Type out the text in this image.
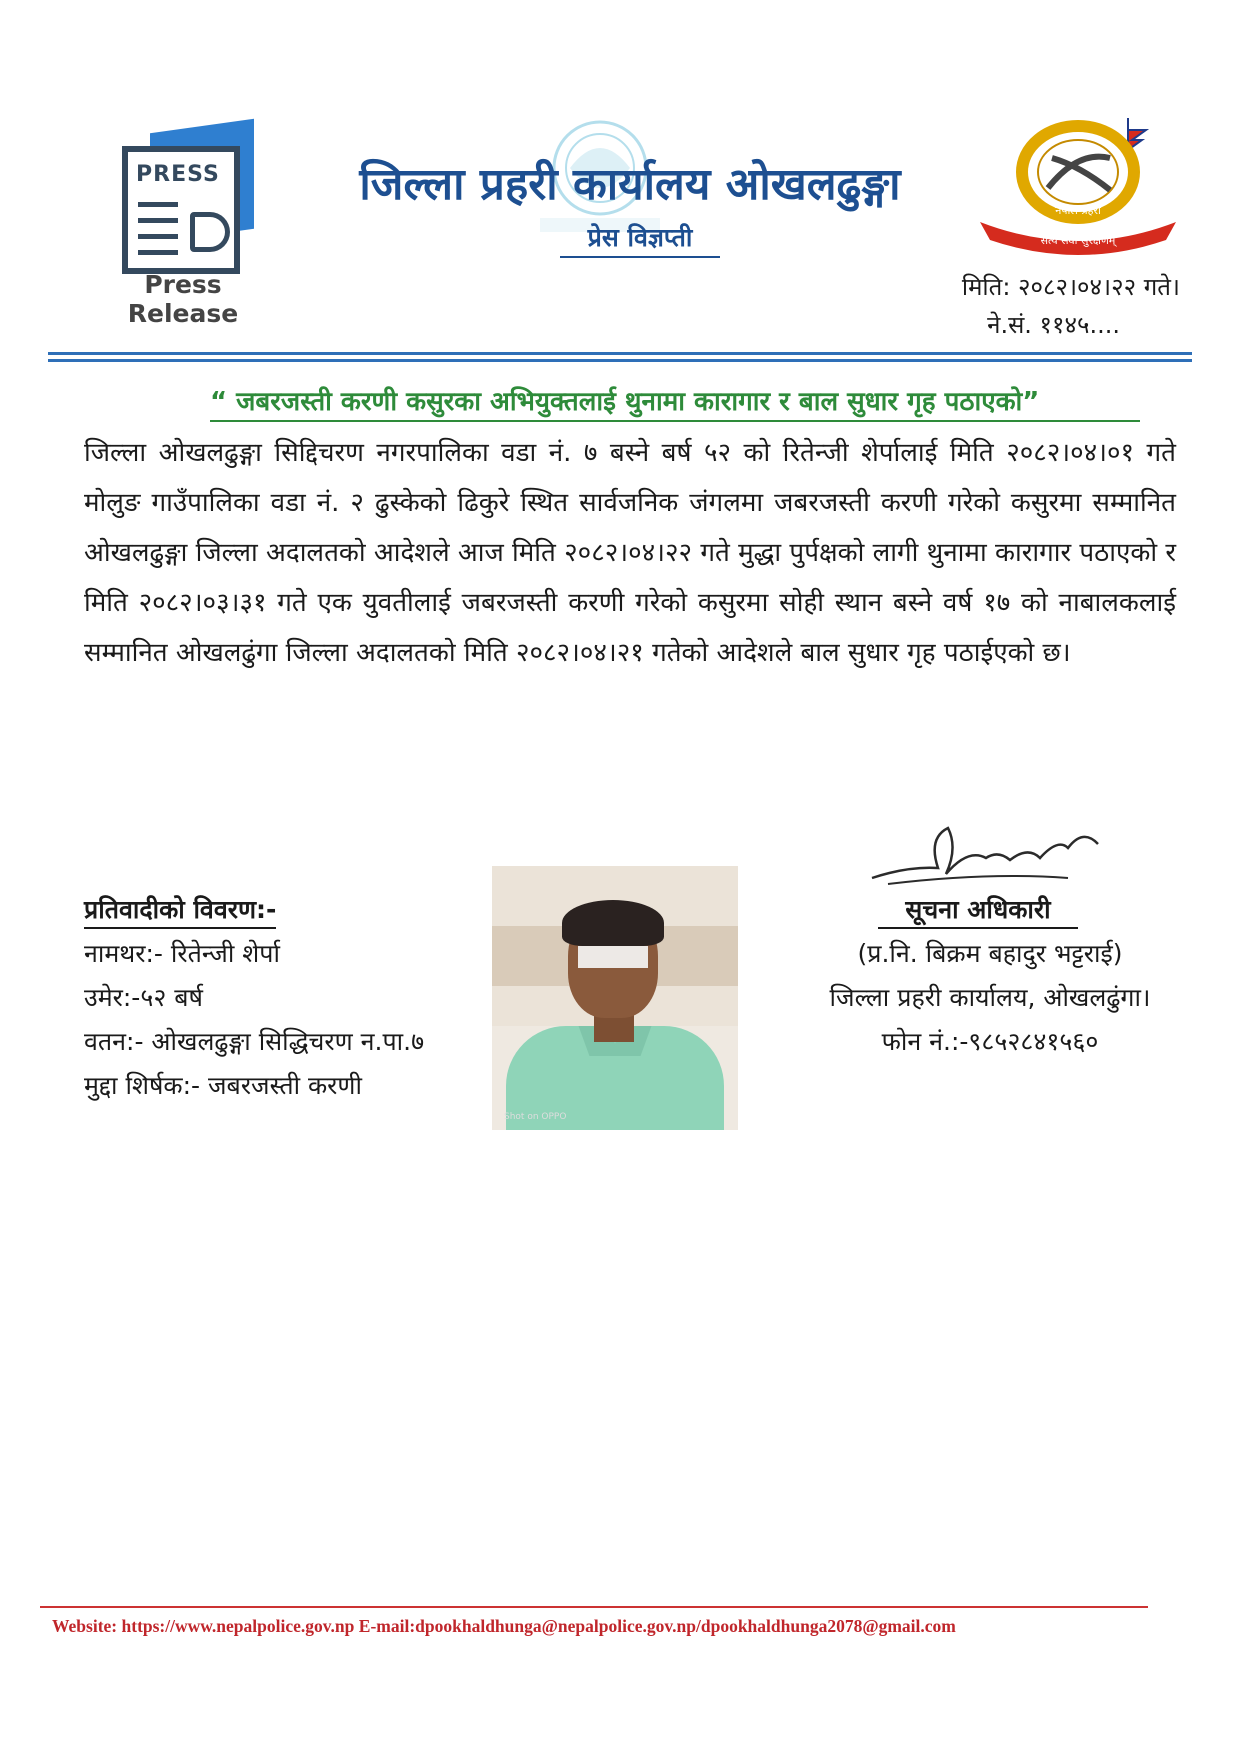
PRESS
Press Release
जिल्ला प्रहरी कार्यालय ओखलढुङ्गा
प्रेस विज्ञप्ती
नेपाल प्रहरी
सत्य सेवा सुरक्षणम्
मिति: २०८२।०४।२२ गते।
ने.सं. ११४५....
“ जबरजस्ती करणी कसुरका अभियुक्तलाई थुनामा कारागार र बाल सुधार गृह पठाएको”
जिल्ला ओखलढुङ्गा सिद्दिचरण नगरपालिका वडा नं. ७ बस्ने बर्ष ५२ को रितेन्जी शेर्पालाई मिति २०८२।०४।०१ गते मोलुङ गाउँपालिका वडा नं. २ ढुस्केको ढिकुरे स्थित सार्वजनिक जंगलमा जबरजस्ती करणी गरेको कसुरमा सम्मानित ओखलढुङ्गा जिल्ला अदालतको आदेशले आज मिति २०८२।०४।२२ गते मुद्धा पुर्पक्षको लागी थुनामा कारागार पठाएको र मिति २०८२।०३।३१ गते एक युवतीलाई जबरजस्ती करणी गरेको कसुरमा सोही स्थान बस्ने वर्ष १७ को नाबालकलाई सम्मानित ओखलढुंगा जिल्ला अदालतको मिति २०८२।०४।२१ गतेको आदेशले बाल सुधार गृह पठाईएको छ।
प्रतिवादीको विवरण:-
नामथर:- रितेन्जी शेर्पा
उमेर:-५२ बर्ष
वतन:- ओखलढुङ्गा सिद्धिचरण न.पा.७
मुद्दा शिर्षक:- जबरजस्ती करणी
Shot on OPPO
सूचना अधिकारी
(प्र.नि. बिक्रम बहादुर भट्टराई)
जिल्ला प्रहरी कार्यालय, ओखलढुंगा।
फोन नं.:-९८५२८४१५६०
Website: https://www.nepalpolice.gov.np E-mail:dpookhaldhunga@nepalpolice.gov.np/dpookhaldhunga2078@gmail.com
